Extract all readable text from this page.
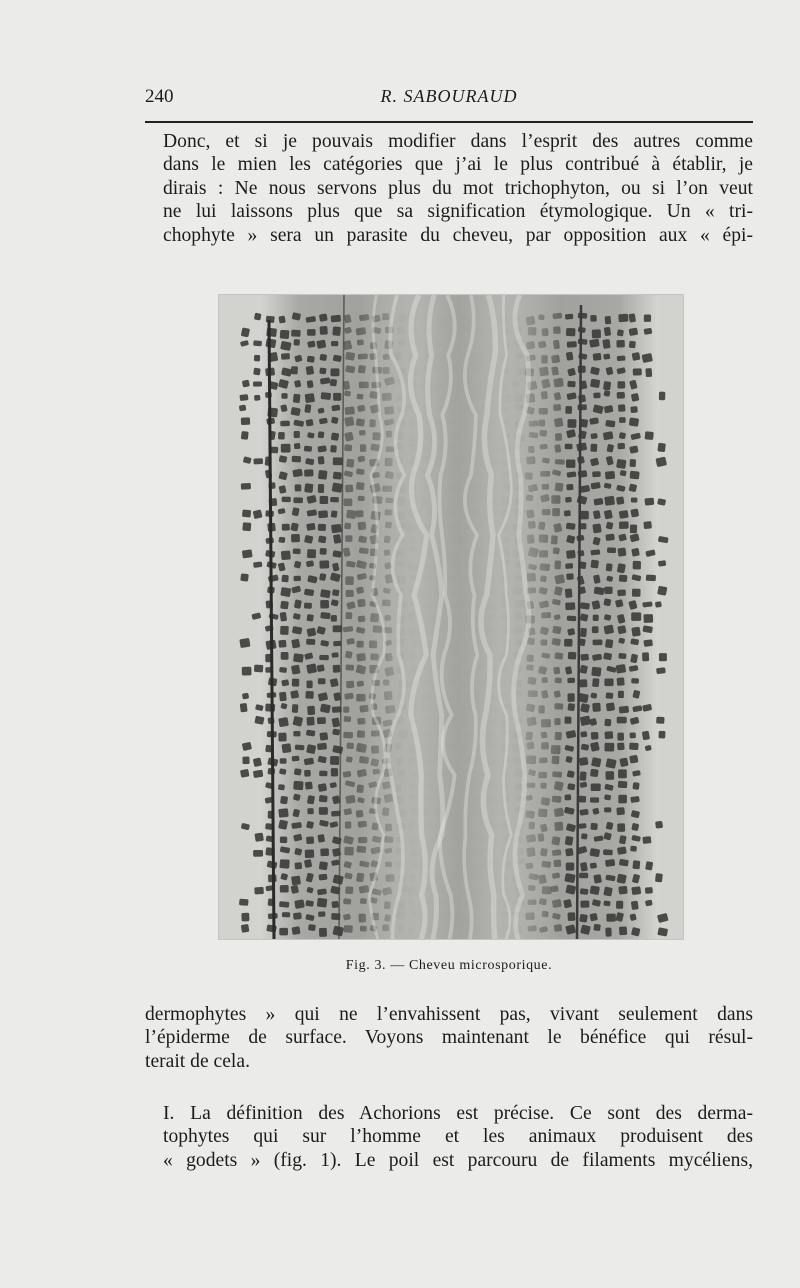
240	R. SABOURAUD
Donc, et si je pouvais modifier dans l’esprit des autres comme
dans le mien les catégories que j’ai le plus contribué à établir, je
dirais : Ne nous servons plus du mot trichophyton, ou si l’on veut
ne lui laissons plus que sa signification étymologique. Un « tri-
chophyte » sera un parasite du cheveu, par opposition aux « épi-
Fig. 3. — Cheveu microsporique.
dermophytes » qui ne l’envahissent pas, vivant seulement dans
l’épiderme de surface. Voyons maintenant le bénéfice qui résul-
terait de cela.
I. La définition des Achorions est précise. Ce sont des derma-
tophytes qui sur l’homme et les animaux produisent des
« godets » (fig. 1). Le poil est parcouru de filaments mycéliens,
